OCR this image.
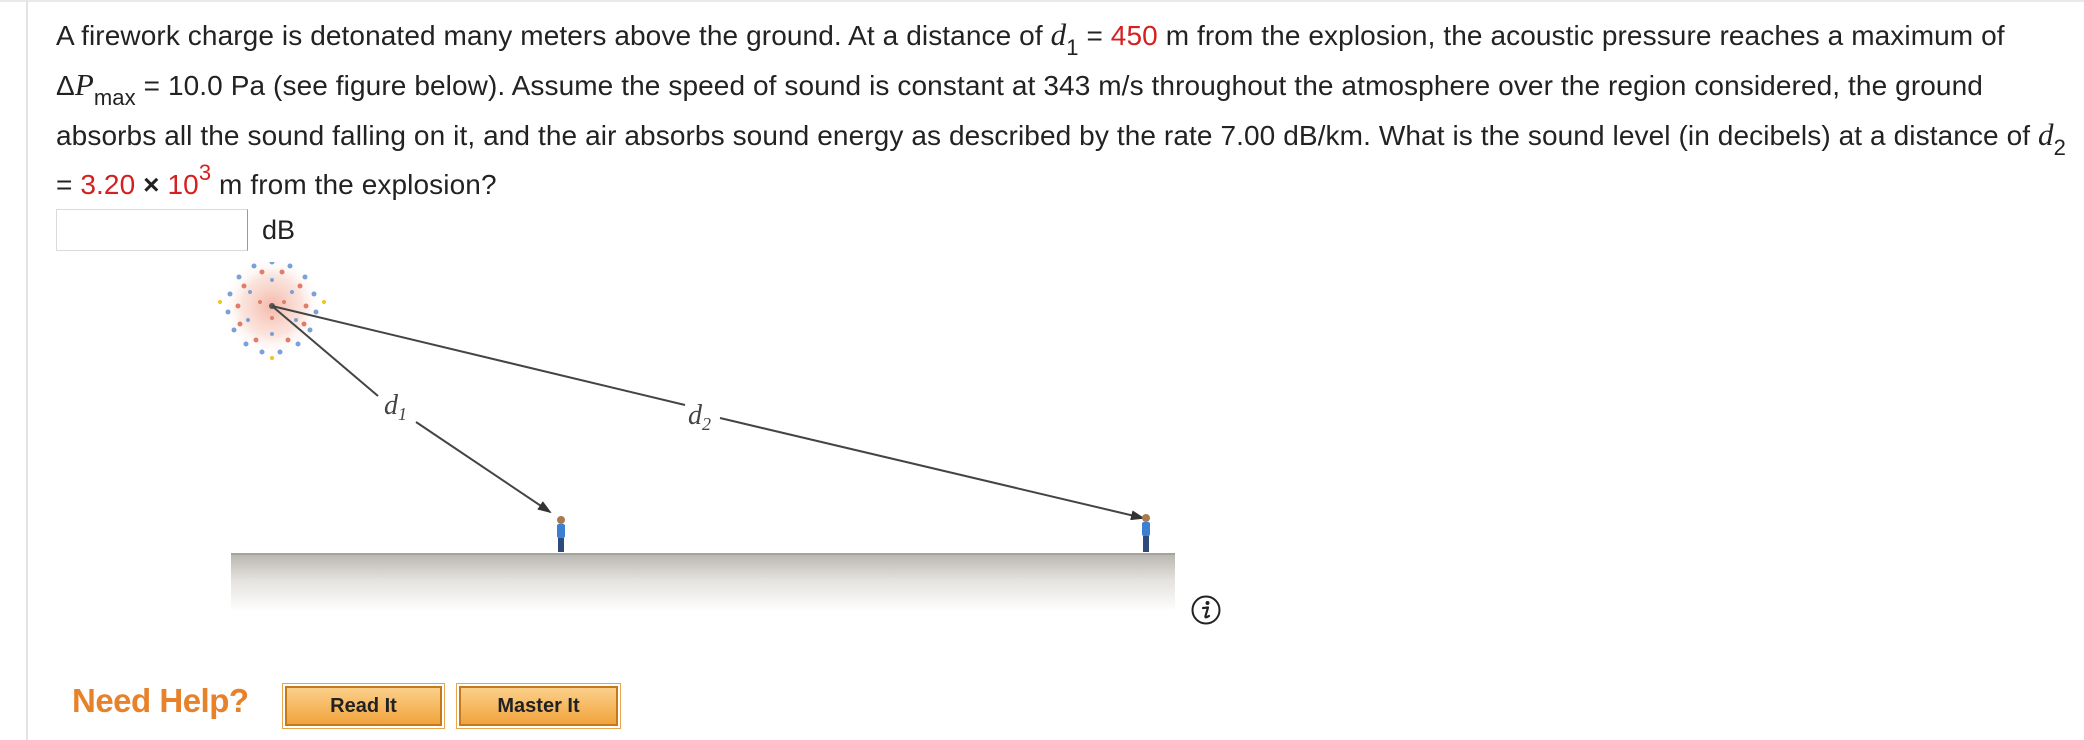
A firework charge is detonated many meters above the ground. At a distance of $d_1 = 450$ m from the explosion, the acoustic pressure reaches a maximum of $\Delta P_{max} = 10.0$ Pa (see figure below). Assume the speed of sound is constant at 343 m/s throughout the atmosphere over the region considered, the ground absorbs all the sound falling on it, and the air absorbs sound energy as described by the rate 7.00 dB/km. What is the sound level (in decibels) at a distance of $d_2 = 3.20 \times 10^3$ m from the explosion?
dB
$d_1$	$d_2$
Need Help?	Read It	Master It
